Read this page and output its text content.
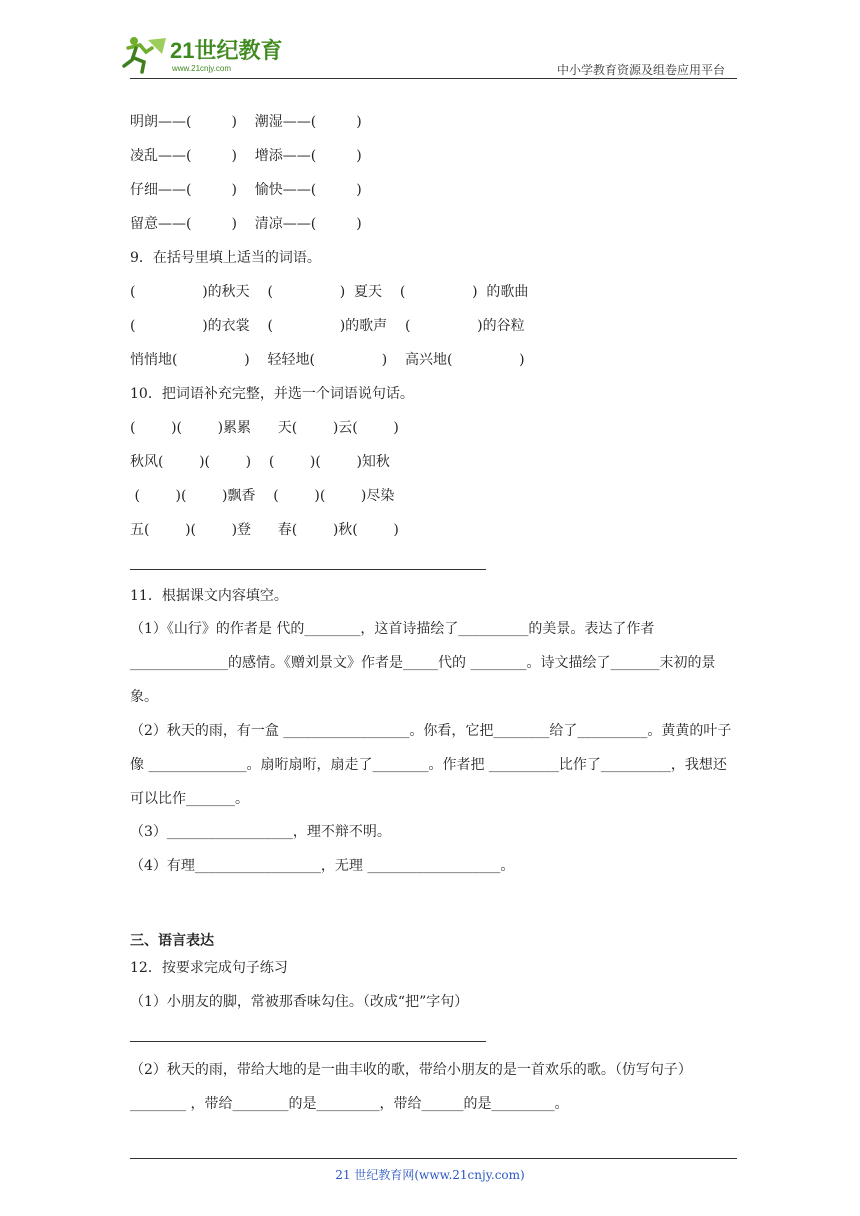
21世纪教育
www.21cnjy.com	中小学教育资源及组卷应用平台
明朗——(         )    潮湿——(         )
凌乱——(         )    增添——(         )
仔细——(         )    愉快——(         )
留意——(         )    清凉——(         )
9．在括号里填上适当的词语。
(               )的秋天    (               )  夏天    (               )  的歌曲
(               )的衣裳    (               )的歌声    (               )的谷粒
悄悄地(               )    轻轻地(               )    高兴地(               )
10．把词语补充完整，并选一个词语说句话。
(        )(        )累累      天(        )云(        )
秋风(        )(        )    (        )(        )知秋
(        )(        )飘香    (        )(        )尽染
五(        )(        )登      春(        )秋(        )
11．根据课文内容填空。
（1）《山行》的作者是 代的________，这首诗描绘了__________的美景。表达了作者______________的感情。《赠刘景文》作者是_____代的 ________。诗文描绘了_______末初的景象。
（2）秋天的雨，有一盒 __________________。你看，它把________给了__________。黄黄的叶子像 ______________。扇哘扇哘，扇走了________。作者把 __________比作了__________，我想还可以比作_______。
（3）__________________，理不辩不明。
（4）有理__________________，无理 ___________________。
三、语言表达
12．按要求完成句子练习
（1）小朋友的脚，常被那香味勾住。（改成“把”字句）
（2）秋天的雨，带给大地的是一曲丰收的歌，带给小朋友的是一首欢乐的歌。（仿写句子）
________ ，带给________的是_________，带给______的是_________。
21 世纪教育网(www.21cnjy.com)
